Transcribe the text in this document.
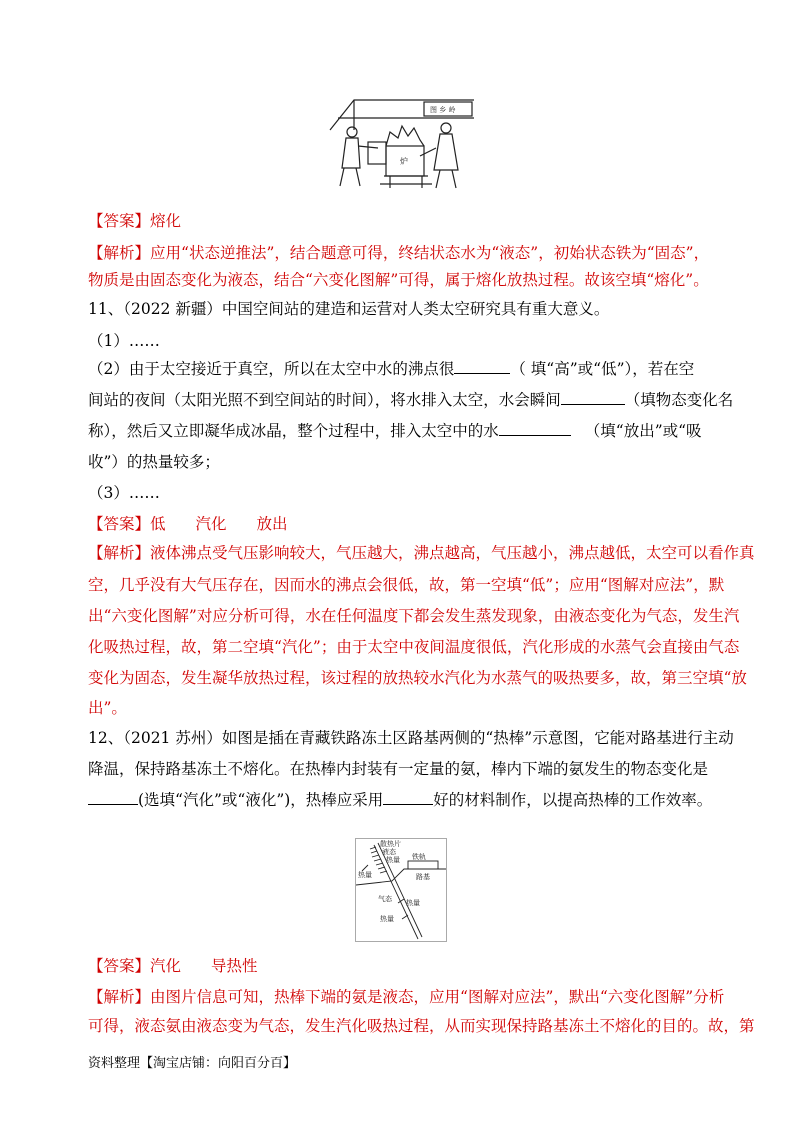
图 乡 岭
炉
【答案】熔化
【解析】应用“状态逆推法”，结合题意可得，终结状态水为“液态”，初始状态铁为“固态”，
物质是由固态变化为液态，结合“六变化图解”可得，属于熔化放热过程。故该空填“熔化”。
11、（2022 新疆）中国空间站的建造和运营对人类太空研究具有重大意义。
（1）……
（2）由于太空接近于真空，所以在太空中水的沸点很	（ 填“高”或“低”），若在空
间站的夜间（太阳光照不到空间站的时间），将水排入太空，水会瞬间	（填物态变化名
称），然后又立即凝华成冰晶，整个过程中，排入太空中的水	（填“放出”或“吸
收”）的热量较多；
（3）……
【答案】低 汽化 放出
【解析】液体沸点受气压影响较大，气压越大，沸点越高，气压越小，沸点越低，太空可以看作真
空，几乎没有大气压存在，因而水的沸点会很低，故，第一空填“低”；应用“图解对应法”，默
出“六变化图解”对应分析可得，水在任何温度下都会发生蒸发现象，由液态变化为气态，发生汽
化吸热过程，故，第二空填“汽化”；由于太空中夜间温度很低，汽化形成的水蒸气会直接由气态
变化为固态，发生凝华放热过程，该过程的放热较水汽化为水蒸气的吸热要多，故，第三空填“放
出”。
12、（2021 苏州）如图是插在青藏铁路冻土区路基两侧的“热棒”示意图，它能对路基进行主动
降温，保持路基冻土不熔化。在热棒内封装有一定量的氨，棒内下端的氨发生的物态变化是
(选填“汽化”或“液化”)，热棒应采用	好的材料制作，以提高热棒的工作效率。
散热片
液态
热量 铁轨
热量	路基
气态 热量
热量
【答案】汽化 导热性
【解析】由图片信息可知，热棒下端的氨是液态，应用“图解对应法”，默出“六变化图解”分析
可得，液态氨由液态变为气态，发生汽化吸热过程，从而实现保持路基冻土不熔化的目的。故，第
资料整理【淘宝店铺：向阳百分百】
